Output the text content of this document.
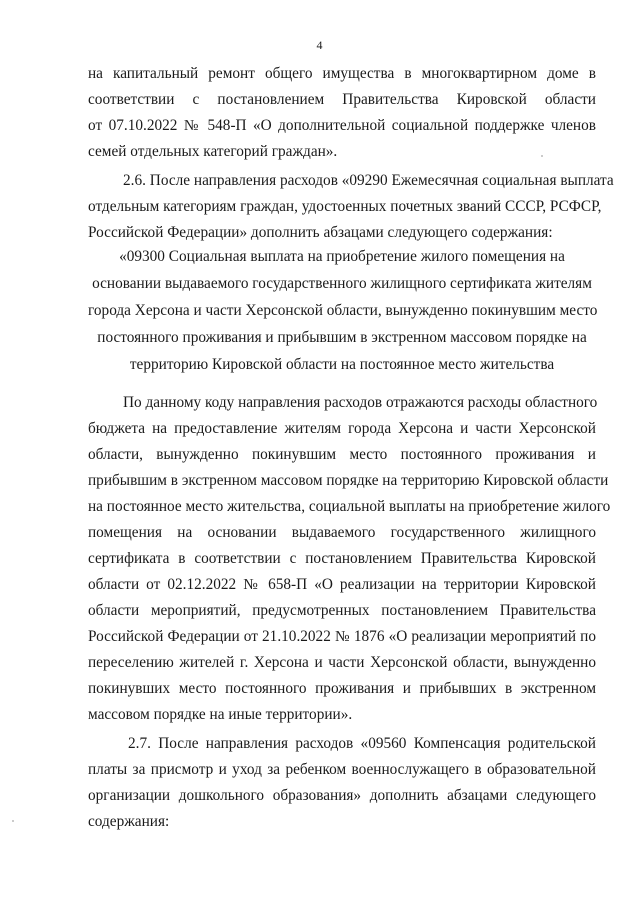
4
на капитальный ремонт общего имущества в многоквартирном доме в
соответствии с постановлением Правительства Кировской области
от 07.10.2022 № 548-П «О дополнительной социальной поддержке членов
семей отдельных категорий граждан».
2.6. После направления расходов «09290 Ежемесячная социальная выплата
отдельным категориям граждан, удостоенных почетных званий СССР, РСФСР,
Российской Федерации» дополнить абзацами следующего содержания:
«09300 Социальная выплата на приобретение жилого помещения на
основании выдаваемого государственного жилищного сертификата жителям
города Херсона и части Херсонской области, вынужденно покинувшим место
постоянного проживания и прибывшим в экстренном массовом порядке на
территорию Кировской области на постоянное место жительства
По данному коду направления расходов отражаются расходы областного
бюджета на предоставление жителям города Херсона и части Херсонской
области, вынужденно покинувшим место постоянного проживания и
прибывшим в экстренном массовом порядке на территорию Кировской области
на постоянное место жительства, социальной выплаты на приобретение жилого
помещения на основании выдаваемого государственного жилищного
сертификата в соответствии с постановлением Правительства Кировской
области от 02.12.2022 № 658-П «О реализации на территории Кировской
области мероприятий, предусмотренных постановлением Правительства
Российской Федерации от 21.10.2022 № 1876 «О реализации мероприятий по
переселению жителей г. Херсона и части Херсонской области, вынужденно
покинувших место постоянного проживания и прибывших в экстренном
массовом порядке на иные территории».
2.7. После направления расходов «09560 Компенсация родительской
платы за присмотр и уход за ребенком военнослужащего в образовательной
организации дошкольного образования» дополнить абзацами следующего
содержания:
